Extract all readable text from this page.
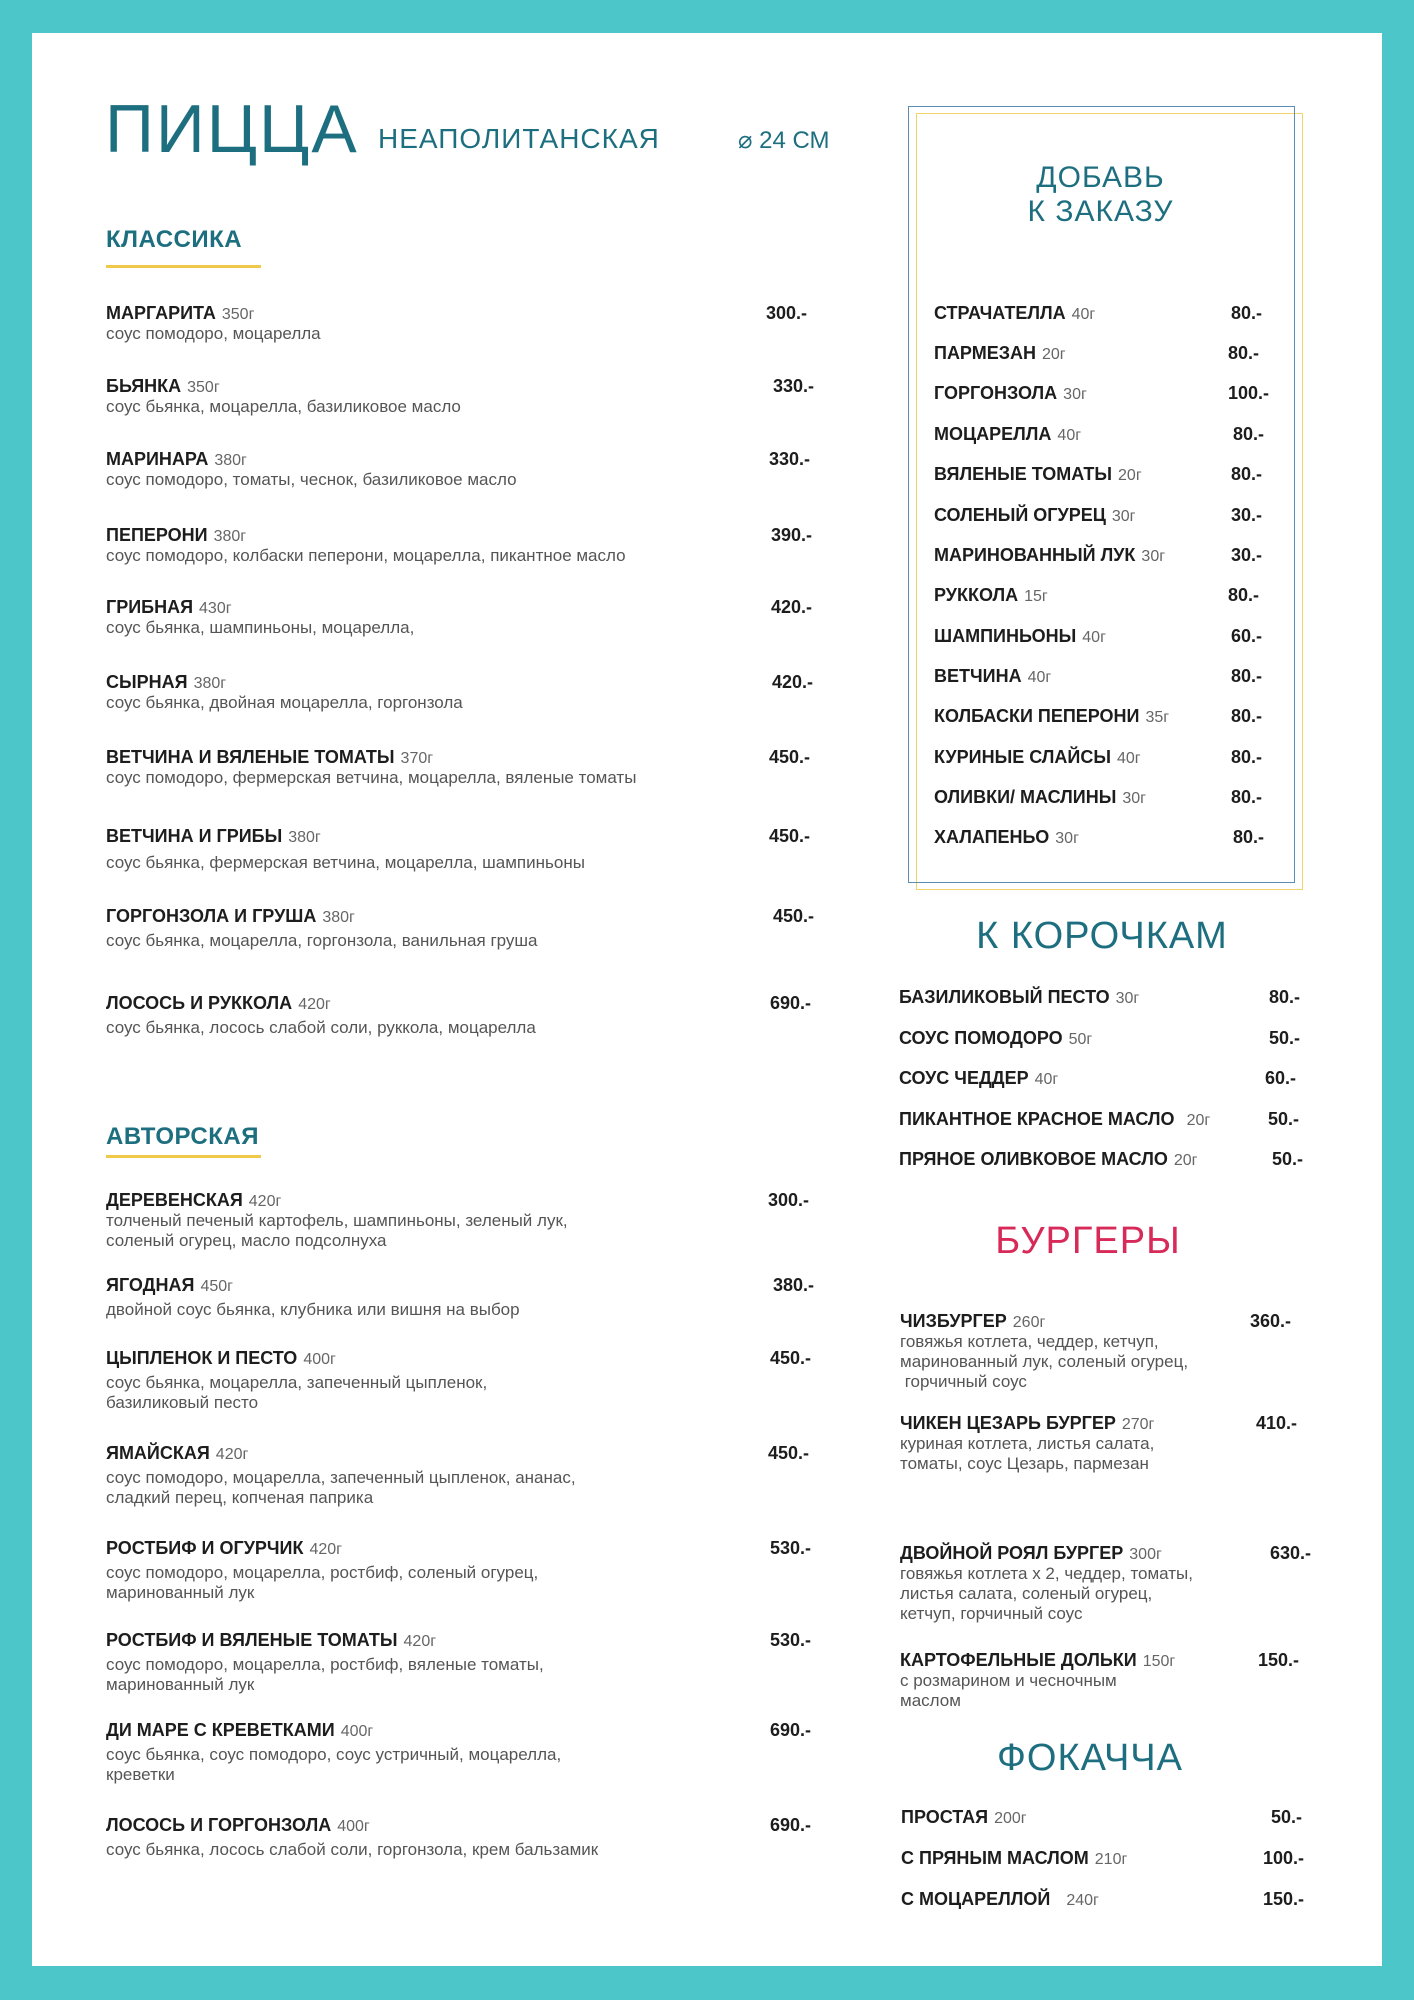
ПИЦЦА НЕАПОЛИТАНСКАЯ	⌀ 24 СМ
КЛАССИКА
МАРГАРИТА 350г
соус помодоро, моцарелла
300.-
БЬЯНКА 350г
соус бьянка, моцарелла, базиликовое масло
330.-
МАРИНАРА 380г
соус помодоро, томаты, чеснок, базиликовое масло
330.-
ПЕПЕРОНИ 380г
соус помодоро, колбаски пеперони, моцарелла, пикантное масло
390.-
ГРИБНАЯ 430г
соус бьянка, шампиньоны, моцарелла,
420.-
СЫРНАЯ 380г
соус бьянка, двойная моцарелла, горгонзола
420.-
ВЕТЧИНА И ВЯЛЕНЫЕ ТОМАТЫ 370г
соус помодоро, фермерская ветчина, моцарелла, вяленые томаты
450.-
ВЕТЧИНА И ГРИБЫ 380г
соус бьянка, фермерская ветчина, моцарелла, шампиньоны
450.-
ГОРГОНЗОЛА И ГРУША 380г
соус бьянка, моцарелла, горгонзола, ванильная груша
450.-
ЛОСОСЬ И РУККОЛА 420г
соус бьянка, лосось слабой соли, руккола, моцарелла
690.-
АВТОРСКАЯ
ДЕРЕВЕНСКАЯ 420г
толченый печеный картофель, шампиньоны, зеленый лук,
соленый огурец, масло подсолнуха
300.-
ЯГОДНАЯ 450г
двойной соус бьянка, клубника или вишня на выбор
380.-
ЦЫПЛЕНОК И ПЕСТО 400г
соус бьянка, моцарелла, запеченный цыпленок,
базиликовый песто
450.-
ЯМАЙСКАЯ 420г
соус помодоро, моцарелла, запеченный цыпленок, ананас,
сладкий перец, копченая паприка
450.-
РОСТБИФ И ОГУРЧИК 420г
соус помодоро, моцарелла, ростбиф, соленый огурец,
маринованный лук
530.-
РОСТБИФ И ВЯЛЕНЫЕ ТОМАТЫ 420г
соус помодоро, моцарелла, ростбиф, вяленые томаты,
маринованный лук
530.-
ДИ МАРЕ С КРЕВЕТКАМИ 400г
соус бьянка, соус помодоро, соус устричный, моцарелла,
креветки
690.-
ЛОСОСЬ И ГОРГОНЗОЛА 400г
соус бьянка, лосось слабой соли, горгонзола, крем бальзамик
690.-
ДОБАВЬ
К ЗАКАЗУ
СТРАЧАТЕЛЛА 40г	80.-
ПАРМЕЗАН 20г	80.-
ГОРГОНЗОЛА 30г	100.-
МОЦАРЕЛЛА 40г	80.-
ВЯЛЕНЫЕ ТОМАТЫ 20г	80.-
СОЛЕНЫЙ ОГУРЕЦ 30г	30.-
МАРИНОВАННЫЙ ЛУК 30г	30.-
РУККОЛА 15г	80.-
ШАМПИНЬОНЫ 40г	60.-
ВЕТЧИНА 40г	80.-
КОЛБАСКИ ПЕПЕРОНИ 35г	80.-
КУРИНЫЕ СЛАЙСЫ 40г	80.-
ОЛИВКИ/ МАСЛИНЫ 30г	80.-
ХАЛАПЕНЬО 30г	80.-
К КОРОЧКАМ
БАЗИЛИКОВЫЙ ПЕСТО 30г	80.-
СОУС ПОМОДОРО 50г	50.-
СОУС ЧЕДДЕР 40г	60.-
ПИКАНТНОЕ КРАСНОЕ МАСЛО 20г	50.-
ПРЯНОЕ ОЛИВКОВОЕ МАСЛО 20г	50.-
БУРГЕРЫ
ЧИЗБУРГЕР 260г
говяжья котлета, чеддер, кетчуп,
маринованный лук, соленый огурец,
горчичный соус
360.-
ЧИКЕН ЦЕЗАРЬ БУРГЕР 270г
куриная котлета, листья салата,
томаты, соус Цезарь, пармезан
410.-
ДВОЙНОЙ РОЯЛ БУРГЕР 300г
говяжья котлета х 2, чеддер, томаты,
листья салата, соленый огурец,
кетчуп, горчичный соус
630.-
КАРТОФЕЛЬНЫЕ ДОЛЬКИ 150г
с розмарином и чесночным
маслом
150.-
ФОКАЧЧА
ПРОСТАЯ 200г	50.-
С ПРЯНЫМ МАСЛОМ 210г	100.-
С МОЦАРЕЛЛОЙ 240г	150.-
